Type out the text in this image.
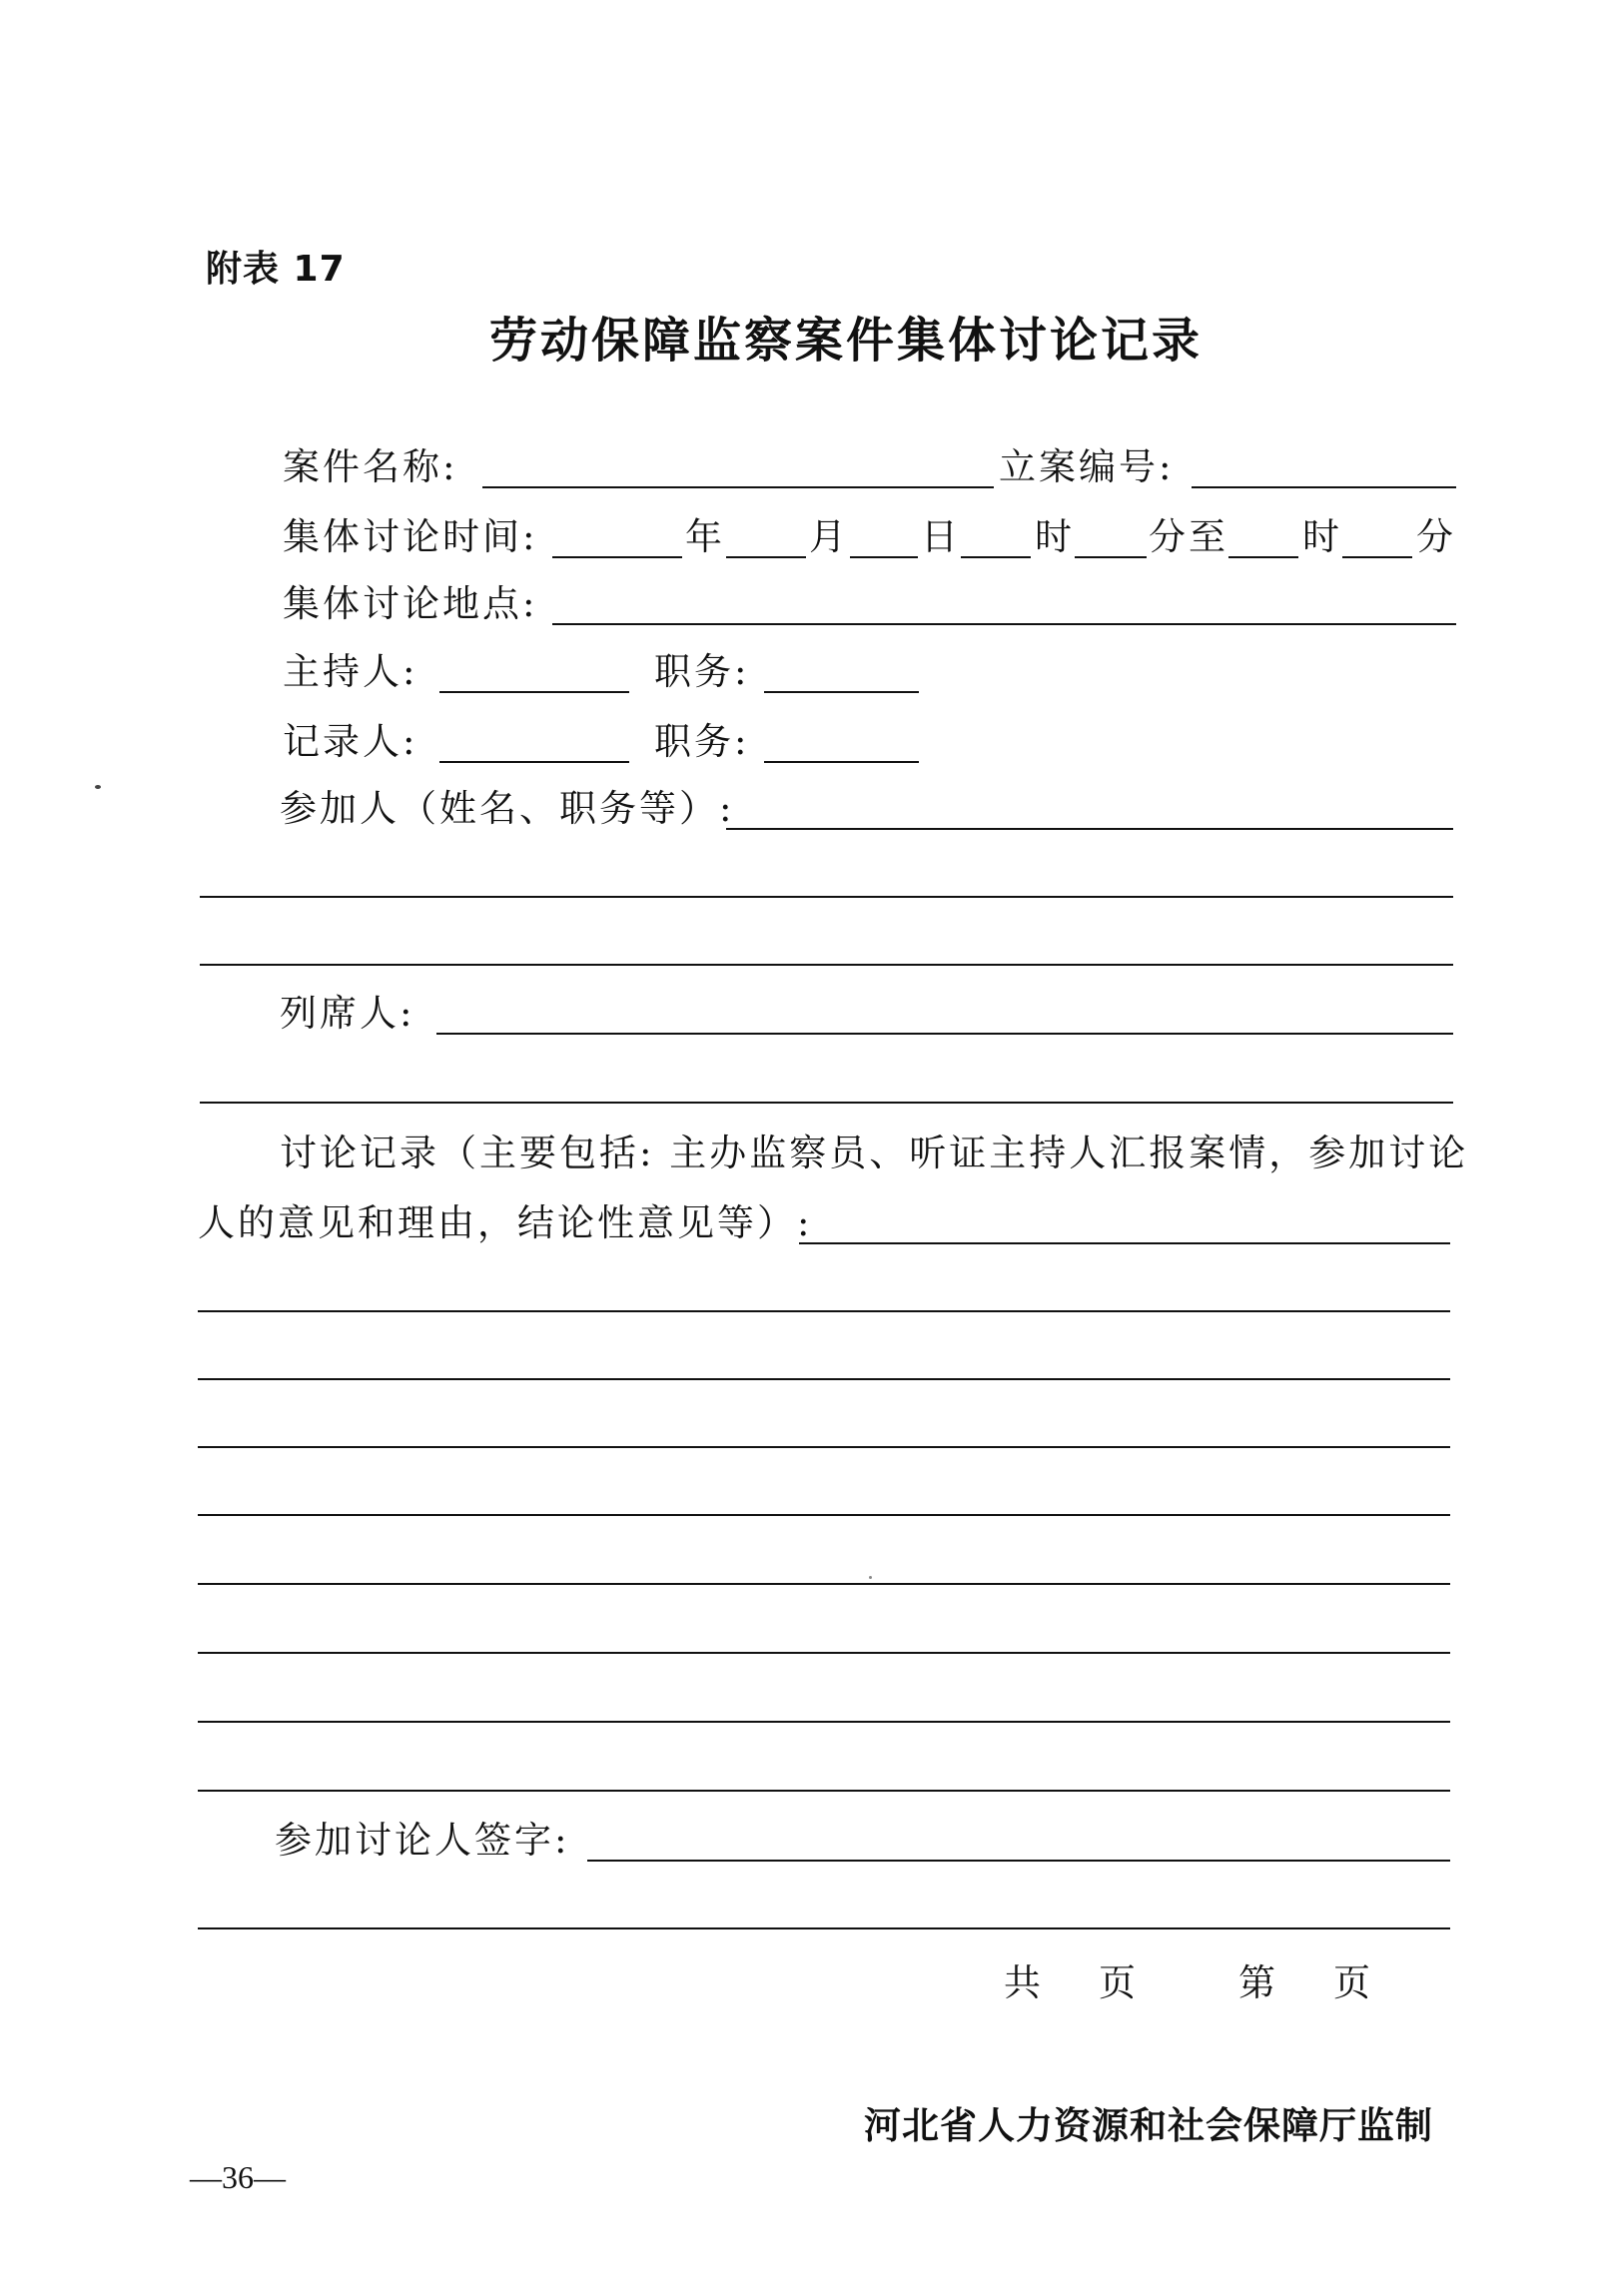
附表 17
劳动保障监察案件集体讨论记录
案件名称:	立案编号:
集体讨论时间:	年 月 日 时 分至 时 分
集体讨论地点:
主持人:	职务:
记录人:	职务:
参加人（姓名、职务等）:
列席人:
讨论记录（主要包括: 主办监察员、听证主持人汇报案情，参加讨论
人的意见和理由，结论性意见等）:
参加讨论人签字:
共 页	第 页
河北省人力资源和社会保障厅监制
—36—
